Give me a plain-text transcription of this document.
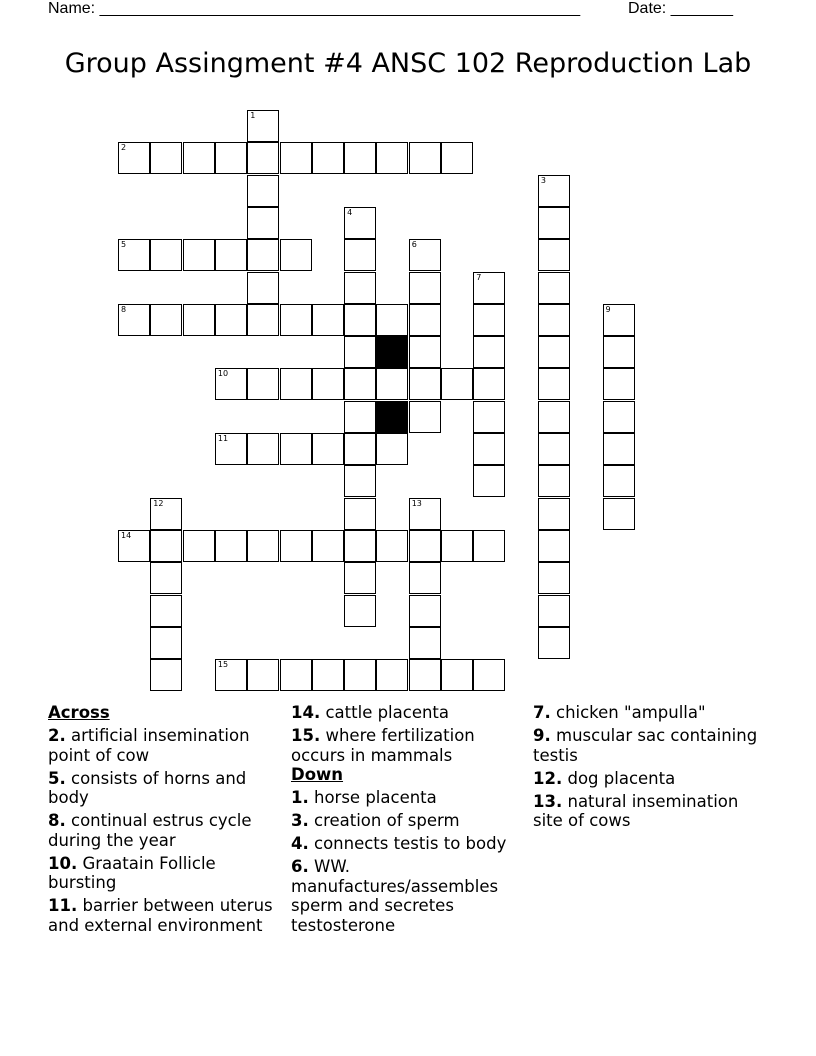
Name: ______________________________________________________	Date: _______
Group Assingment #4 ANSC 102 Reproduction Lab
2
5
8
10
11
14
15
1
3
4
6
7
9
12	13
Across
2. artificial insemination point of cow
5. consists of horns and body
8. continual estrus cycle during the year
10. Graatain Follicle bursting
11. barrier between uterus and external environment
14. cattle placenta
15. where fertilization occurs in mammals
Down
1. horse placenta
3. creation of sperm
4. connects testis to body
6. WW. manufactures/assembles sperm and secretes testosterone
7. chicken "ampulla"
9. muscular sac containing testis
12. dog placenta
13. natural insemination site of cows
